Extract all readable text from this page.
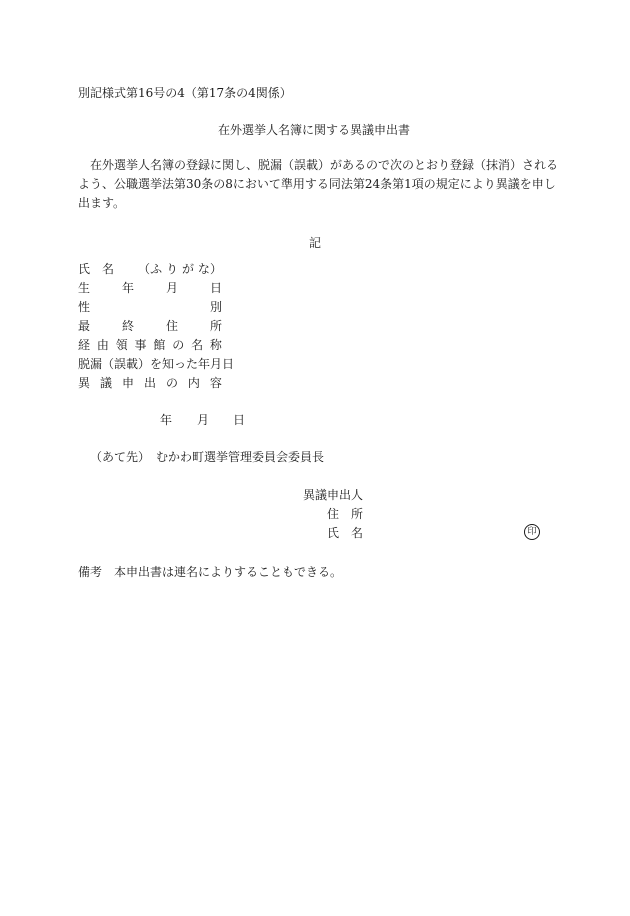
別記様式第16号の4（第17条の4関係）
在外選挙人名簿に関する異議申出書
在外選挙人名簿の登録に関し、脱漏（誤載）があるので次のとおり登録（抹消）されるよう、公職選挙法第30条の8において準用する同法第24条第1項の規定により異議を申し出ます。
記
氏　名 （ふ り が な）
生	年	月	日
性	別
最	終	住	所
経 由 領 事 館 の 名 称
脱漏（誤載）を知った年月日
異 議 申 出 の 内 容
年 月 日
（あて先）　むかわ町選挙管理委員会委員長
異議申出人
住　所
氏　名	印
備考　本申出書は連名によりすることもできる。
